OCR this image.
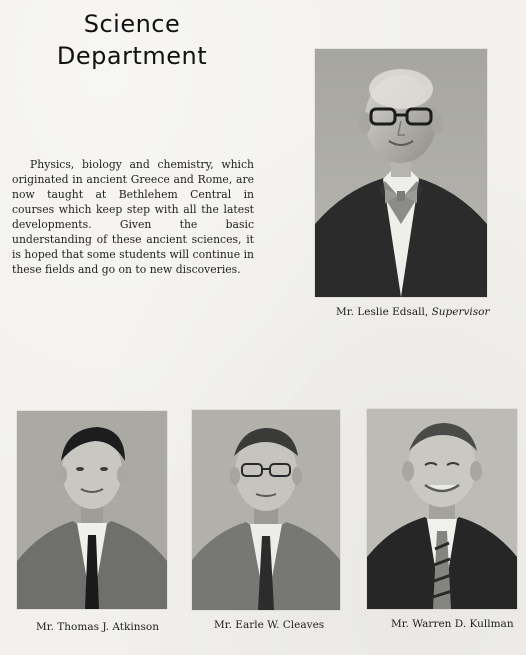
Science
Department

Physics, biology and chemistry, which originated in ancient Greece and Rome, are now taught at Bethlehem Central in courses which keep step with all the latest developments. Given the basic understanding of these ancient sciences, it is hoped that some students will continue in these fields and go on to new discoveries.

Mr. Leslie Edsall, Supervisor
Mr. Thomas J. Atkinson	Mr. Earle W. Cleaves	Mr. Warren D. Kullman
